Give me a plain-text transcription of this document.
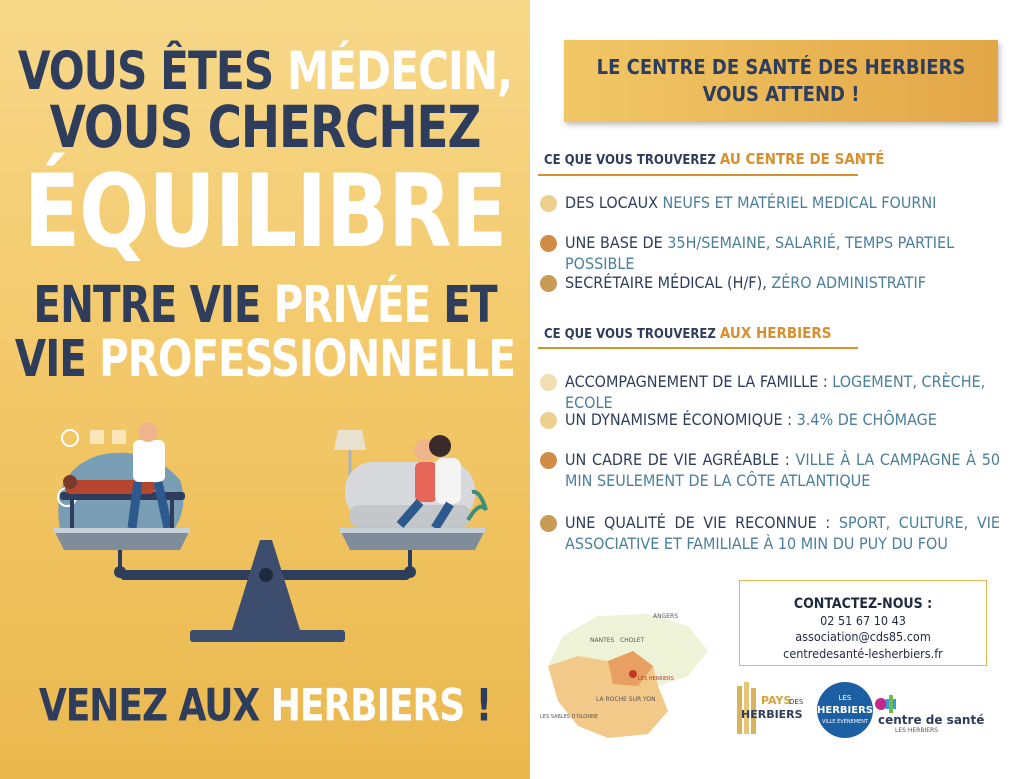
VOUS ÊTES MÉDECIN,
VOUS CHERCHEZ
ÉQUILIBRE
ENTRE VIE PRIVÉE ET
VIE PROFESSIONNELLE
VENEZ AUX HERBIERS !
LE CENTRE DE SANTÉ DES HERBIERS
VOUS ATTEND !
CE QUE VOUS TROUVEREZ AU CENTRE DE SANTÉ
DES LOCAUX NEUFS ET MATÉRIEL MEDICAL FOURNI
UNE BASE DE 35H/SEMAINE, SALARIÉ, TEMPS PARTIEL POSSIBLE
SECRÉTAIRE MÉDICAL (H/F), ZÉRO ADMINISTRATIF
CE QUE VOUS TROUVEREZ AUX HERBIERS
ACCOMPAGNEMENT DE LA FAMILLE : LOGEMENT, CRÈCHE, ECOLE
UN DYNAMISME ÉCONOMIQUE : 3.4% DE CHÔMAGE
UN CADRE DE VIE AGRÉABLE : VILLE À LA CAMPAGNE À 50 MIN SEULEMENT DE LA CÔTE ATLANTIQUE
UNE QUALITÉ DE VIE RECONNUE : SPORT, CULTURE, VIE ASSOCIATIVE ET FAMILIALE À 10 MIN DU PUY DU FOU
ANGERS
NANTES CHOLET
LES HERBIERS
LA ROCHE SUR YON
LES SABLES D'OLONNE
CONTACTEZ-NOUS :
02 51 67 10 43
association@cds85.com
centredesanté-lesherbiers.fr
PAYS
DES
HERBIERS
LES
HERBIERS
VILLE ÉVÉNEMENT centre de santé
LES HERBIERS
